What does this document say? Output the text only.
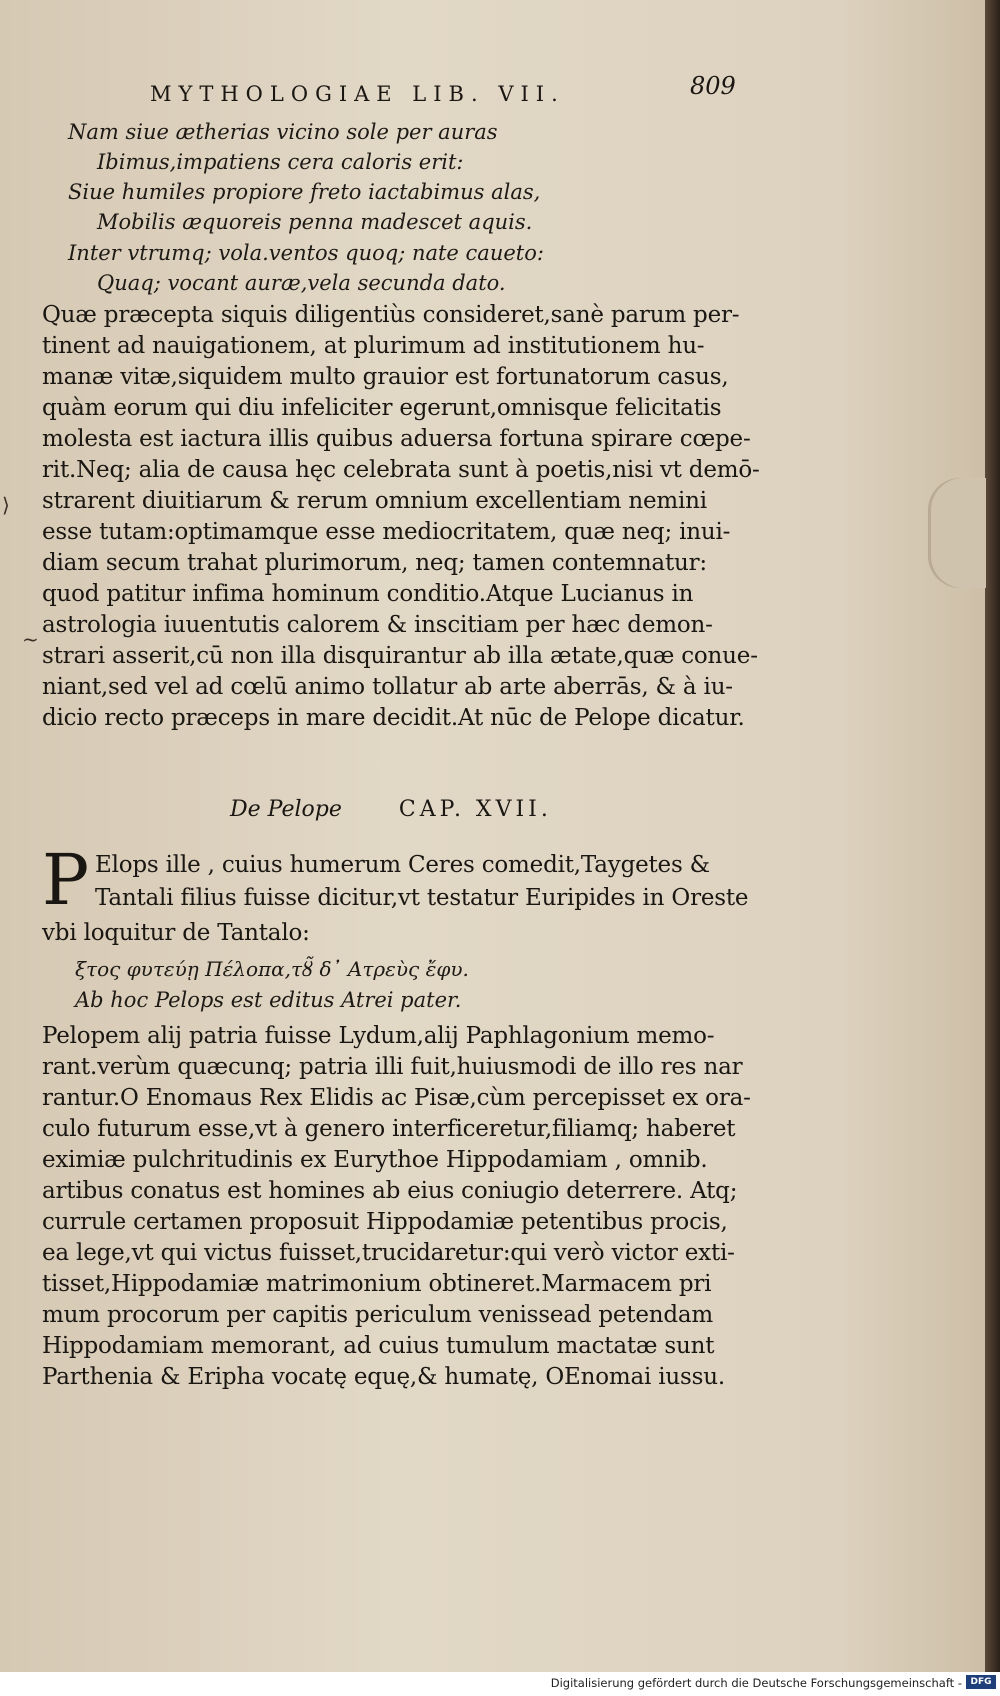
MYTHOLOGIAE LIB. VII.	809
Nam siue ætherias vicino sole per auras
Ibimus,impatiens cera caloris erit:
Siue humiles propiore freto iactabimus alas,
Mobilis æquoreis penna madescet aquis.
Inter vtrumq; vola.ventos quoq; nate caueto:
Quaq; vocant auræ,vela secunda dato.
Quæ præcepta siquis diligentiùs consideret,sanè parum per-
tinent ad nauigationem, at plurimum ad institutionem hu-
manæ vitæ,siquidem multo grauior est fortunatorum casus,
quàm eorum qui diu infeliciter egerunt,omnisque felicitatis
molesta est iactura illis quibus aduersa fortuna spirare cœpe-
rit.Neq; alia de causa hęc celebrata sunt à poetis,nisi vt demō-
strarent diuitiarum & rerum omnium excellentiam nemini
esse tutam:optimamque esse mediocritatem, quæ neq; inui-
diam secum trahat plurimorum, neq; tamen contemnatur:
quod patitur infima hominum conditio.Atque Lucianus in
astrologia iuuentutis calorem & inscitiam per hæc demon-
strari asserit,cū non illa disquirantur ab illa ætate,quæ conue-
niant,sed vel ad cœlū animo tollatur ab arte aberrās, & à iu-
dicio recto præceps in mare decidit.At nūc de Pelope dicatur.
De Pelope	CAP. XVII.
P Elops ille , cuius humerum Ceres comedit,Taygetes &
Tantali filius fuisse dicitur,vt testatur Euripides in Oreste
vbi loquitur de Tantalo:
ξτος φυτεύῃ Πέλοπα,τȣ̃ δ᾽ Ατρεὺς ἔφυ.
Ab hoc Pelops est editus Atrei pater.
Pelopem alij patria fuisse Lydum,alij Paphlagonium memo-
rant.verùm quæcunq; patria illi fuit,huiusmodi de illo res nar
rantur.O Enomaus Rex Elidis ac Pisæ,cùm percepisset ex ora-
culo futurum esse,vt à genero interficeretur,filiamq; haberet
eximiæ pulchritudinis ex Eurythoe Hippodamiam , omnib.
artibus conatus est homines ab eius coniugio deterrere. Atq;
currule certamen proposuit Hippodamiæ petentibus procis,
ea lege,vt qui victus fuisset,trucidaretur:qui verò victor exti-
tisset,Hippodamiæ matrimonium obtineret.Marmacem pri
mum procorum per capitis periculum venissead petendam
Hippodamiam memorant, ad cuius tumulum mactatæ sunt
Parthenia & Eripha vocatę equę,& humatę, OEnomai iussu.
⟩
~
Digitalisierung gefördert durch die Deutsche Forschungsgemeinschaft - DFG
